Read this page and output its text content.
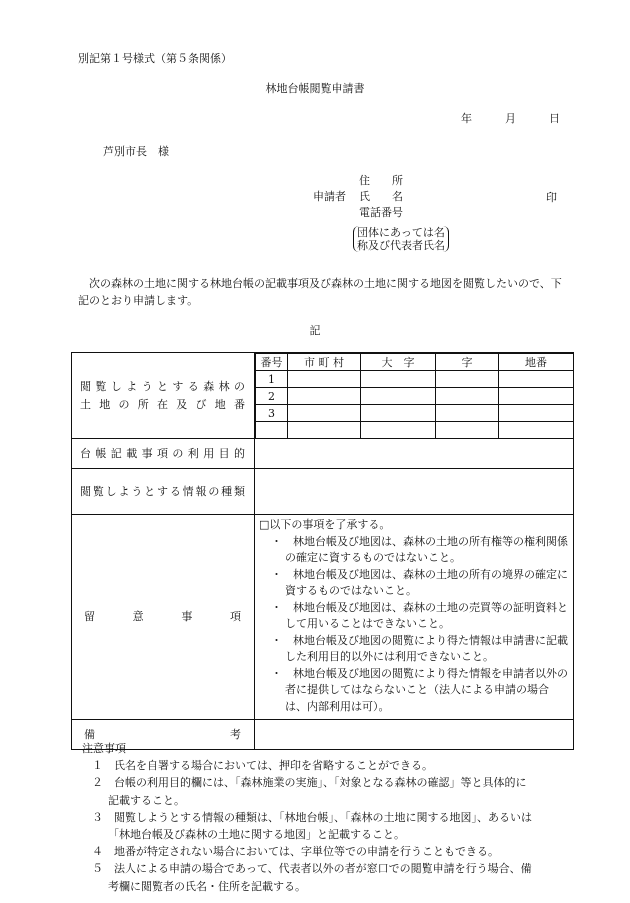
別記第１号様式（第５条関係）
林地台帳閲覧申請書
年	月	日
芦別市長　様
住　　所
申請者 氏　　名
電話番号
印
団体にあっては名
称及び代表者氏名
次の森林の土地に関する林地台帳の記載事項及び森林の土地に関する地図を閲覧したいので、下記のとおり申請します。
記
閲覧しようとする森林の
土地の所在及び地番

番号	市 町 村	大　字	字	地番
1				
2				
3				

台帳記載事項の利用目的	
閲覧しようとする情報の種類	

留	意	事	項

□以下の事項を了承する。
・　林地台帳及び地図は、森林の土地の所有権等の権利関係の確定に資するものではないこと。
・　林地台帳及び地図は、森林の土地の所有の境界の確定に資するものではないこと。
・　林地台帳及び地図は、森林の土地の売買等の証明資料として用いることはできないこと。
・　林地台帳及び地図の閲覧により得た情報は申請書に記載した利用目的以外には利用できないこと。
・　林地台帳及び地図の閲覧により得た情報を申請者以外の者に提供してはならないこと（法人による申請の場合は、内部利用は可）。

備	考

注意事項
１　氏名を自署する場合においては、押印を省略することができる。
２　台帳の利用目的欄には、「森林施業の実施」、「対象となる森林の確認」等と具体的に
記載すること。
３　閲覧しようとする情報の種類は、「林地台帳」、「森林の土地に関する地図」、あるいは
「林地台帳及び森林の土地に関する地図」と記載すること。
４　地番が特定されない場合においては、字単位等での申請を行うこともできる。
５　法人による申請の場合であって、代表者以外の者が窓口での閲覧申請を行う場合、備
考欄に閲覧者の氏名・住所を記載する。
